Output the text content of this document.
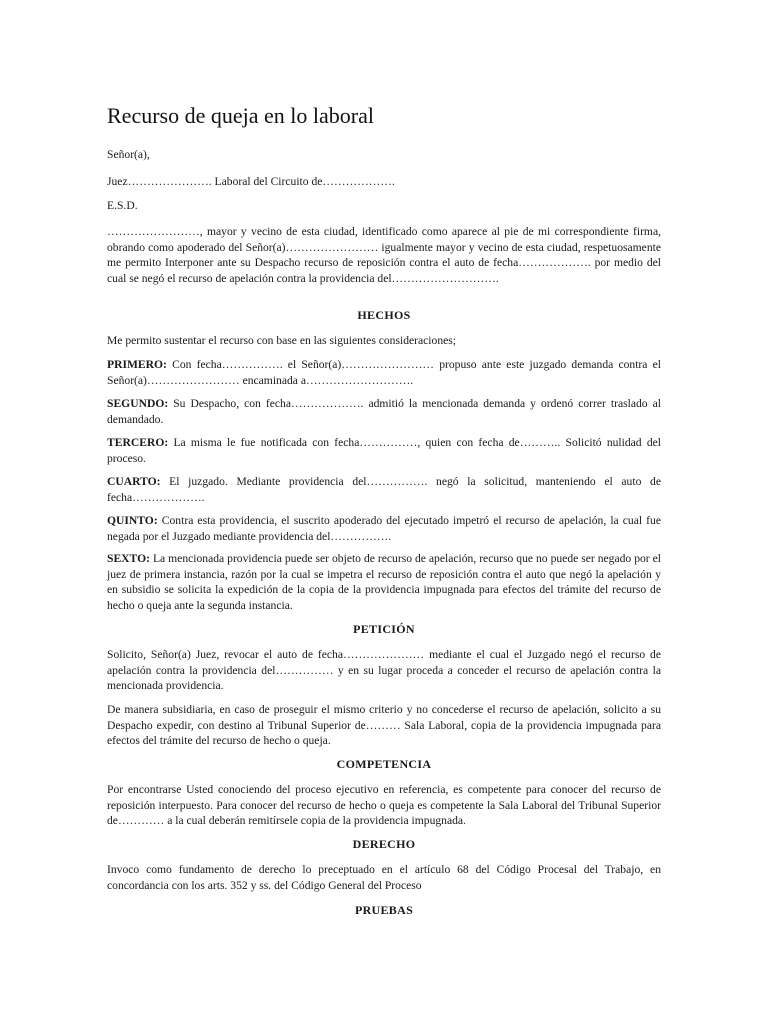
Recurso de queja en lo laboral
Señor(a),
Juez…………………. Laboral del Circuito de……………….
E.S.D.
……………………, mayor y vecino de esta ciudad, identificado como aparece al pie de mi correspondiente firma, obrando como apoderado del Señor(a)…………………… igualmente mayor y vecino de esta ciudad, respetuosamente me permito Interponer ante su Despacho recurso de reposición contra el auto de fecha………………. por medio del cual se negó el recurso de apelación contra la providencia del……………………….
HECHOS
Me permito sustentar el recurso con base en las siguientes consideraciones;
PRIMERO: Con fecha……………. el Señor(a)…………………… propuso ante este juzgado demanda contra el Señor(a)…………………… encaminada a……………………….
SEGUNDO: Su Despacho, con fecha………………. admitió la mencionada demanda y ordenó correr traslado al demandado.
TERCERO: La misma le fue notificada con fecha……………, quien con fecha de……….. Solicitó nulidad del proceso.
CUARTO: El juzgado. Mediante providencia del……………. negó la solicitud, manteniendo el auto de fecha……………….
QUINTO: Contra esta providencia, el suscrito apoderado del ejecutado impetró el recurso de apelación, la cual fue negada por el Juzgado mediante providencia del…………….
SEXTO: La mencionada providencia puede ser objeto de recurso de apelación, recurso que no puede ser negado por el juez de primera instancia, razón por la cual se impetra el recurso de reposición contra el auto que negó la apelación y en subsidio se solicita la expedición de la copia de la providencia impugnada para efectos del trámite del recurso de hecho o queja ante la segunda instancia.
PETICIÓN
Solicito, Señor(a) Juez, revocar el auto de fecha………………… mediante el cual el Juzgado negó el recurso de apelación contra la providencia del…………… y en su lugar proceda a conceder el recurso de apelación contra la mencionada providencia.
De manera subsidiaria, en caso de proseguir el mismo criterio y no concederse el recurso de apelación, solicito a su Despacho expedir, con destino al Tribunal Superior de……… Sala Laboral, copia de la providencia impugnada para efectos del trámite del recurso de hecho o queja.
COMPETENCIA
Por encontrarse Usted conociendo del proceso ejecutivo en referencia, es competente para conocer del recurso de reposición interpuesto. Para conocer del recurso de hecho o queja es competente la Sala Laboral del Tribunal Superior de………… a la cual deberán remitírsele copia de la providencia impugnada.
DERECHO
Invoco como fundamento de derecho lo preceptuado en el artículo 68 del Código Procesal del Trabajo, en concordancia con los arts. 352 y ss. del Código General del Proceso
PRUEBAS
